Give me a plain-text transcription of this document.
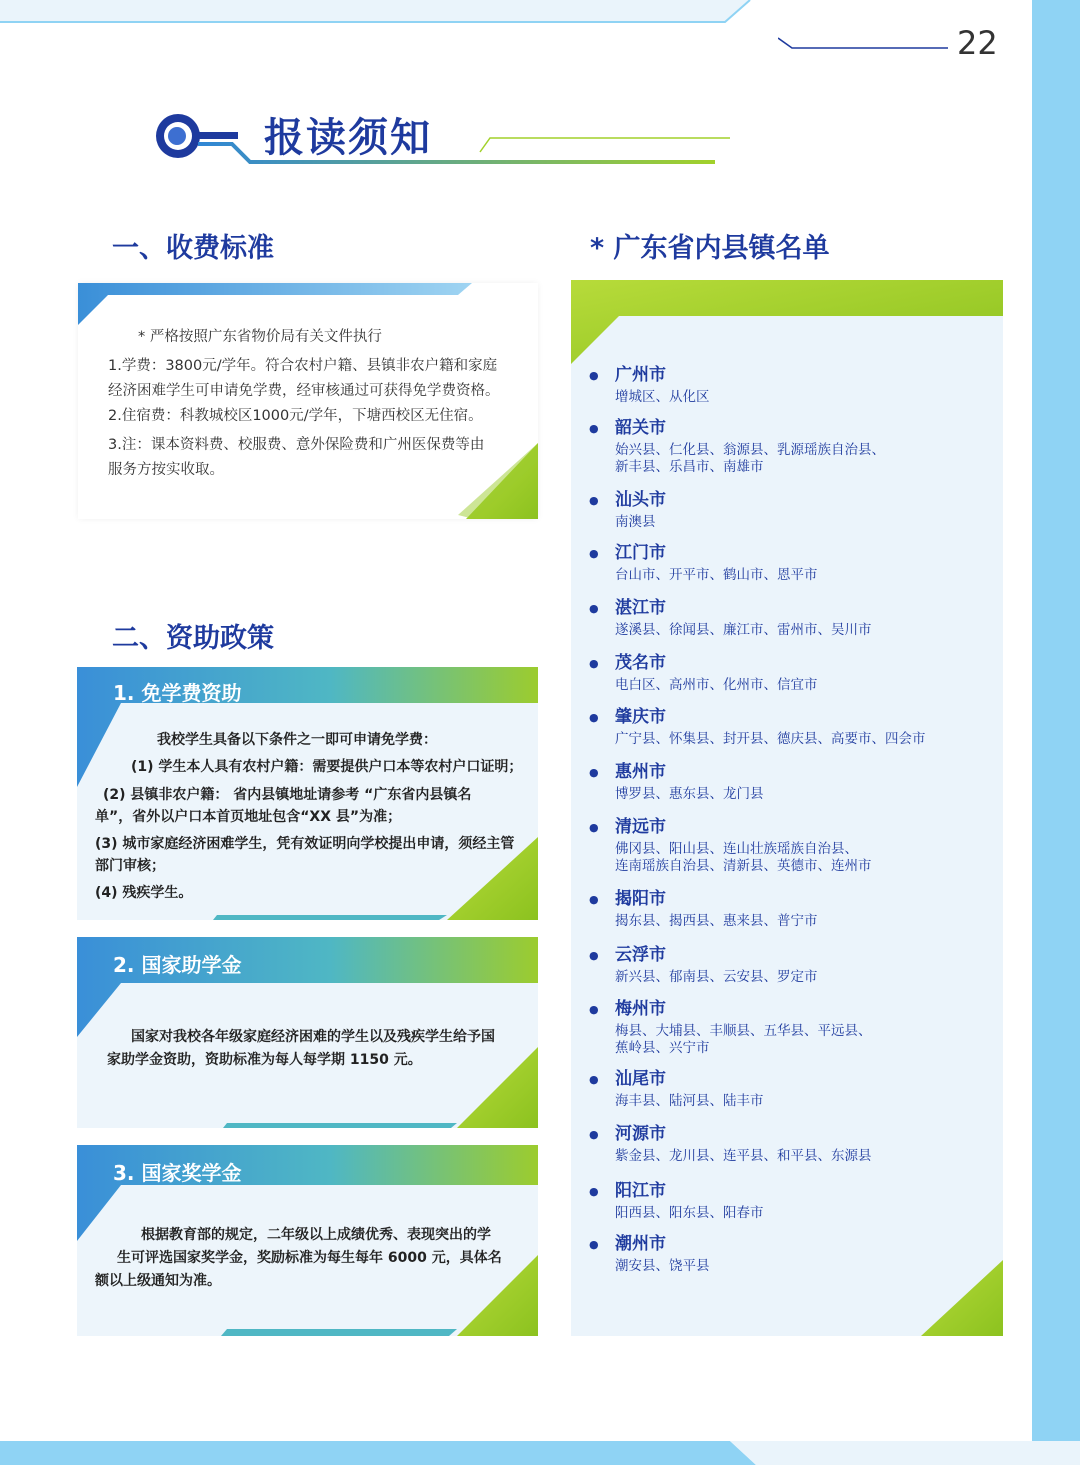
22
报读须知
一、收费标准
* 严格按照广东省物价局有关文件执行
1.学费：3800元/学年。符合农村户籍、县镇非农户籍和家庭
经济困难学生可申请免学费，经审核通过可获得免学费资格。
2.住宿费：科教城校区1000元/学年，下塘西校区无住宿。
3.注：课本资料费、校服费、意外保险费和广州医保费等由
服务方按实收取。
二、资助政策
1. 免学费资助
我校学生具备以下条件之一即可申请免学费：
(1) 学生本人具有农村户籍：需要提供户口本等农村户口证明；
(2) 县镇非农户籍： 省内县镇地址请参考 “广东省内县镇名
单”，省外以户口本首页地址包含“XX 县”为准；
(3) 城市家庭经济困难学生，凭有效证明向学校提出申请，须经主管
部门审核；
(4) 残疾学生。
2. 国家助学金
国家对我校各年级家庭经济困难的学生以及残疾学生给予国
家助学金资助，资助标准为每人每学期 1150 元。
3. 国家奖学金
根据教育部的规定，二年级以上成绩优秀、表现突出的学
生可评选国家奖学金，奖励标准为每生每年 6000 元，具体名
额以上级通知为准。
* 广东省内县镇名单
● 广州市
增城区、从化区
● 韶关市
始兴县、仁化县、翁源县、乳源瑶族自治县、
新丰县、乐昌市、南雄市
● 汕头市
南澳县
● 江门市
台山市、开平市、鹤山市、恩平市
● 湛江市
遂溪县、徐闻县、廉江市、雷州市、吴川市
● 茂名市
电白区、高州市、化州市、信宜市
● 肇庆市
广宁县、怀集县、封开县、德庆县、高要市、四会市
● 惠州市
博罗县、惠东县、龙门县
● 清远市
佛冈县、阳山县、连山壮族瑶族自治县、
连南瑶族自治县、清新县、英德市、连州市
● 揭阳市
揭东县、揭西县、惠来县、普宁市
● 云浮市
新兴县、郁南县、云安县、罗定市
● 梅州市
梅县、大埔县、丰顺县、五华县、平远县、
蕉岭县、兴宁市
● 汕尾市
海丰县、陆河县、陆丰市
● 河源市
紫金县、龙川县、连平县、和平县、东源县
● 阳江市
阳西县、阳东县、阳春市
● 潮州市
潮安县、饶平县
